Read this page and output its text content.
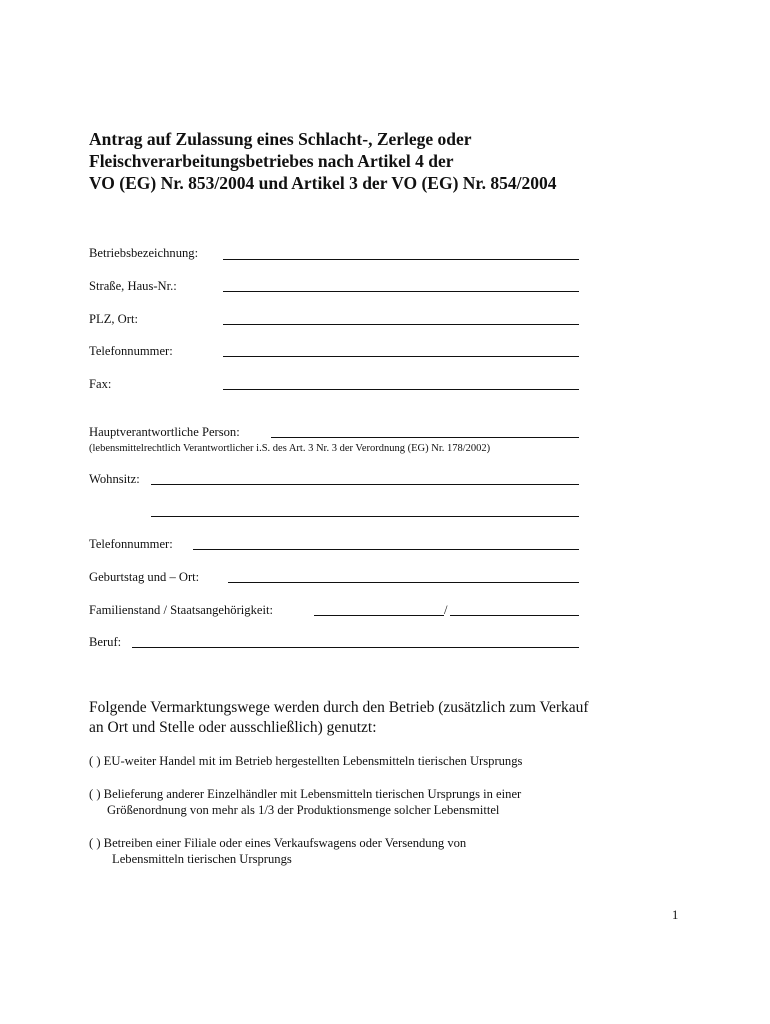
Antrag auf Zulassung eines Schlacht-, Zerlege oder
Fleischverarbeitungsbetriebes nach Artikel 4 der
VO (EG) Nr. 853/2004 und Artikel 3 der VO (EG) Nr. 854/2004
Betriebsbezeichnung:
Straße, Haus-Nr.:
PLZ, Ort:
Telefonnummer:
Fax:
Hauptverantwortliche Person:
(lebensmittelrechtlich Verantwortlicher i.S. des Art. 3 Nr. 3 der Verordnung (EG) Nr. 178/2002)
Wohnsitz:
Telefonnummer:
Geburtstag und – Ort:
Familienstand / Staatsangehörigkeit:	/
Beruf:
Folgende Vermarktungswege werden durch den Betrieb (zusätzlich zum Verkauf
an Ort und Stelle oder ausschließlich) genutzt:
( ) EU-weiter Handel mit im Betrieb hergestellten Lebensmitteln tierischen Ursprungs
( ) Belieferung anderer Einzelhändler mit Lebensmitteln tierischen Ursprungs in einer
Größenordnung von mehr als 1/3 der Produktionsmenge solcher Lebensmittel
( ) Betreiben einer Filiale oder eines Verkaufswagens oder Versendung von
Lebensmitteln tierischen Ursprungs
1
